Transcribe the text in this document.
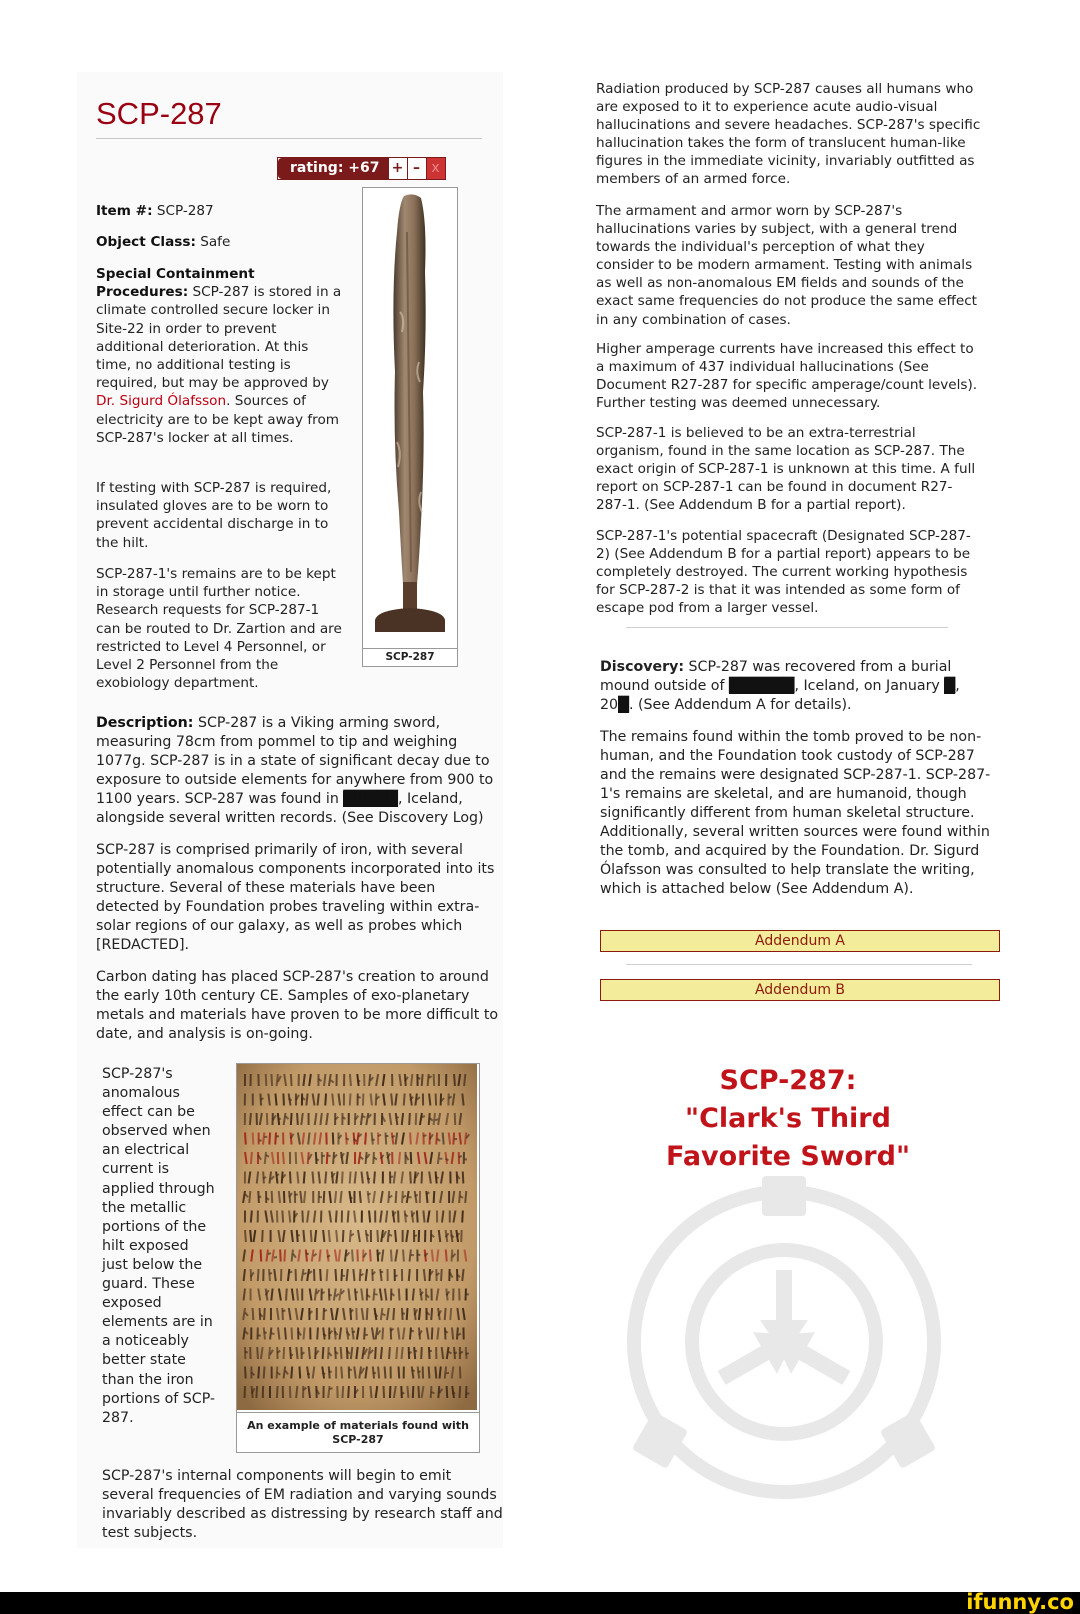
SCP-287
rating: +67 + – x
Item #: SCP-287
Object Class: Safe
Special Containment Procedures: SCP-287 is stored in a climate controlled secure locker in Site-22 in order to prevent additional deterioration. At this time, no additional testing is required, but may be approved by Dr. Sigurd Ólafsson. Sources of electricity are to be kept away from SCP-287's locker at all times.
If testing with SCP-287 is required, insulated gloves are to be worn to prevent accidental discharge in to the hilt.
SCP-287-1's remains are to be kept in storage until further notice. Research requests for SCP-287-1 can be routed to Dr. Zartion and are restricted to Level 4 Personnel, or Level 2 Personnel from the exobiology department.
SCP-287
Description: SCP-287 is a Viking arming sword, measuring 78cm from pommel to tip and weighing 1077g. SCP-287 is in a state of significant decay due to exposure to outside elements for anywhere from 900 to 1100 years. SCP-287 was found in █████, Iceland, alongside several written records. (See Discovery Log)
SCP-287 is comprised primarily of iron, with several potentially anomalous components incorporated into its structure. Several of these materials have been detected by Foundation probes traveling within extra-solar regions of our galaxy, as well as probes which [REDACTED].
Carbon dating has placed SCP-287's creation to around the early 10th century CE. Samples of exo-planetary metals and materials have proven to be more difficult to date, and analysis is on-going.
SCP-287's anomalous effect can be observed when an electrical current is applied through the metallic portions of the hilt exposed just below the guard. These exposed elements are in a noticeably better state than the iron portions of SCP-287.
SCP-287's internal components will begin to emit several frequencies of EM radiation and varying sounds invariably described as distressing by research staff and test subjects.
An example of materials found with SCP-287
Radiation produced by SCP-287 causes all humans who are exposed to it to experience acute audio-visual hallucinations and severe headaches. SCP-287's specific hallucination takes the form of translucent human-like figures in the immediate vicinity, invariably outfitted as members of an armed force.
The armament and armor worn by SCP-287's hallucinations varies by subject, with a general trend towards the individual's perception of what they consider to be modern armament. Testing with animals as well as non-anomalous EM fields and sounds of the exact same frequencies do not produce the same effect in any combination of cases.
Higher amperage currents have increased this effect to a maximum of 437 individual hallucinations (See Document R27-287 for specific amperage/count levels). Further testing was deemed unnecessary.
SCP-287-1 is believed to be an extra-terrestrial organism, found in the same location as SCP-287. The exact origin of SCP-287-1 is unknown at this time. A full report on SCP-287-1 can be found in document R27-287-1. (See Addendum B for a partial report).
SCP-287-1's potential spacecraft (Designated SCP-287-2) (See Addendum B for a partial report) appears to be completely destroyed. The current working hypothesis for SCP-287-2 is that it was intended as some form of escape pod from a larger vessel.
Discovery: SCP-287 was recovered from a burial mound outside of ██████, Iceland, on January █, 20█. (See Addendum A for details).
The remains found within the tomb proved to be non-human, and the Foundation took custody of SCP-287 and the remains were designated SCP-287-1. SCP-287-1's remains are skeletal, and are humanoid, though significantly different from human skeletal structure. Additionally, several written sources were found within the tomb, and acquired by the Foundation. Dr. Sigurd Ólafsson was consulted to help translate the writing, which is attached below (See Addendum A).
Addendum A
Addendum B
SCP-287:
"Clark's Third
Favorite Sword"
ifunny.co
